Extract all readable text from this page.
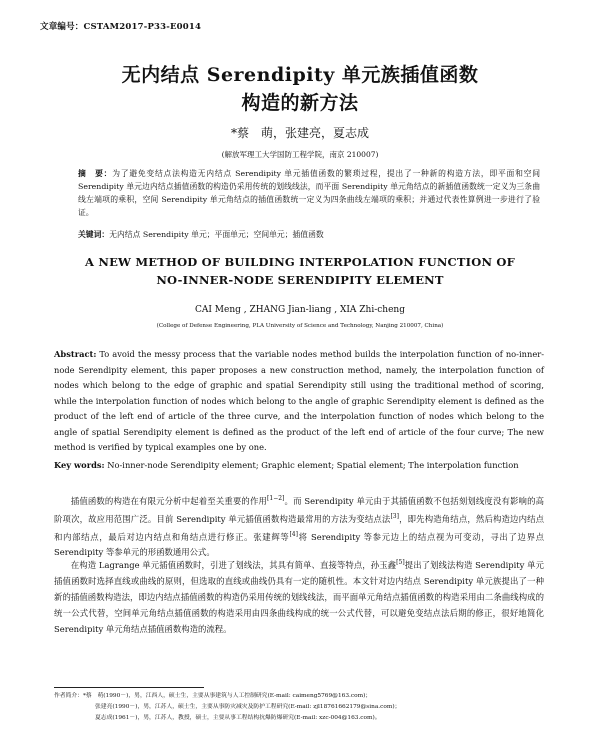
文章编号：CSTAM2017-P33-E0014
无内结点 Serendipity 单元族插值函数
构造的新方法
*蔡　萌，张建亮，夏志成
(解放军理工大学国防工程学院，南京 210007)

摘　要：为了避免变结点法构造无内结点 Serendipity 单元插值函数的繁琐过程，提出了一种新的构造方法，即平面和空间 Serendipity 单元边内结点插值函数的构造仍采用传统的划线线法，而平面 Serendipity 单元角结点的新插值函数统一定义为三条曲线左端项的乘积，空间 Serendipity 单元角结点的插值函数统一定义为四条曲线左端项的乘积；并通过代表性算例进一步进行了验证。

关键词：无内结点 Serendipity 单元；平面单元；空间单元；插值函数

A NEW METHOD OF BUILDING INTERPOLATION FUNCTION OF
NO-INNER-NODE SERENDIPITY ELEMENT
CAI Meng , ZHANG Jian-liang , XIA Zhi-cheng
(College of Defense Engineering, PLA University of Science and Technology, Nanjing 210007, China)

Abstract: To avoid the messy process that the variable nodes method builds the interpolation function of no-inner-node Serendipity element, this paper proposes a new construction method, namely, the interpolation function of nodes which belong to the edge of graphic and spatial Serendipity still using the traditional method of scoring, while the interpolation function of nodes which belong to the angle of graphic Serendipity element is defined as the product of the left end of article of the three curve, and the interpolation function of nodes which belong to the angle of spatial Serendipity element is defined as the product of the left end of article of the four curve; The new method is verified by typical examples one by one.

Key words: No-inner-node Serendipity element; Graphic element; Spatial element; The interpolation function

插值函数的构造在有限元分析中起着至关重要的作用[1−2]。而 Serendipity 单元由于其插值函数不包括刻划线度没有影响的高阶项次，故应用范围广泛。目前 Serendipity 单元插值函数构造最常用的方法为变结点法[3]，即先构造角结点，然后构造边内结点和内部结点，最后对边内结点和角结点进行修正。张建辉等[4]将 Serendipity 等参元边上的结点视为可变动，寻出了边界点 Serendipity 等参单元的形函数通用公式。

在构造 Lagrange 单元插值函数时，引进了划线法，其具有简单、直接等特点，孙玉鑫[5]提出了划线法构造 Serendipity 单元插值函数时选择直线或曲线的原则，但选取的直线或曲线仍具有一定的随机性。本文针对边内结点 Serendipity 单元族提出了一种新的插值函数构造法，即边内结点插值函数的构造仍采用传统的划线线法，而平面单元角结点插值函数的构造采用由二条曲线构成的统一公式代替，空间单元角结点插值函数的构造采用由四条曲线构成的统一公式代替，可以避免变结点法后期的修正，很好地简化 Serendipity 单元角结点插值函数构造的流程。

作者简介：*蔡　萌(1990－)，男，江西人，硕士生，主要从事建筑与人工控制研究(E-mail: caimeng5769@163.com)；
张建亮(1990－)，男，江苏人，硕士生，主要从事防灾减灾及防护工程研究(E-mail: zjl18761662179@sina.com)；
夏志成(1961－)，男，江苏人，教授，硕士，主要从事工程结构抗爆防爆研究(E-mail: xzc-004@163.com)。
